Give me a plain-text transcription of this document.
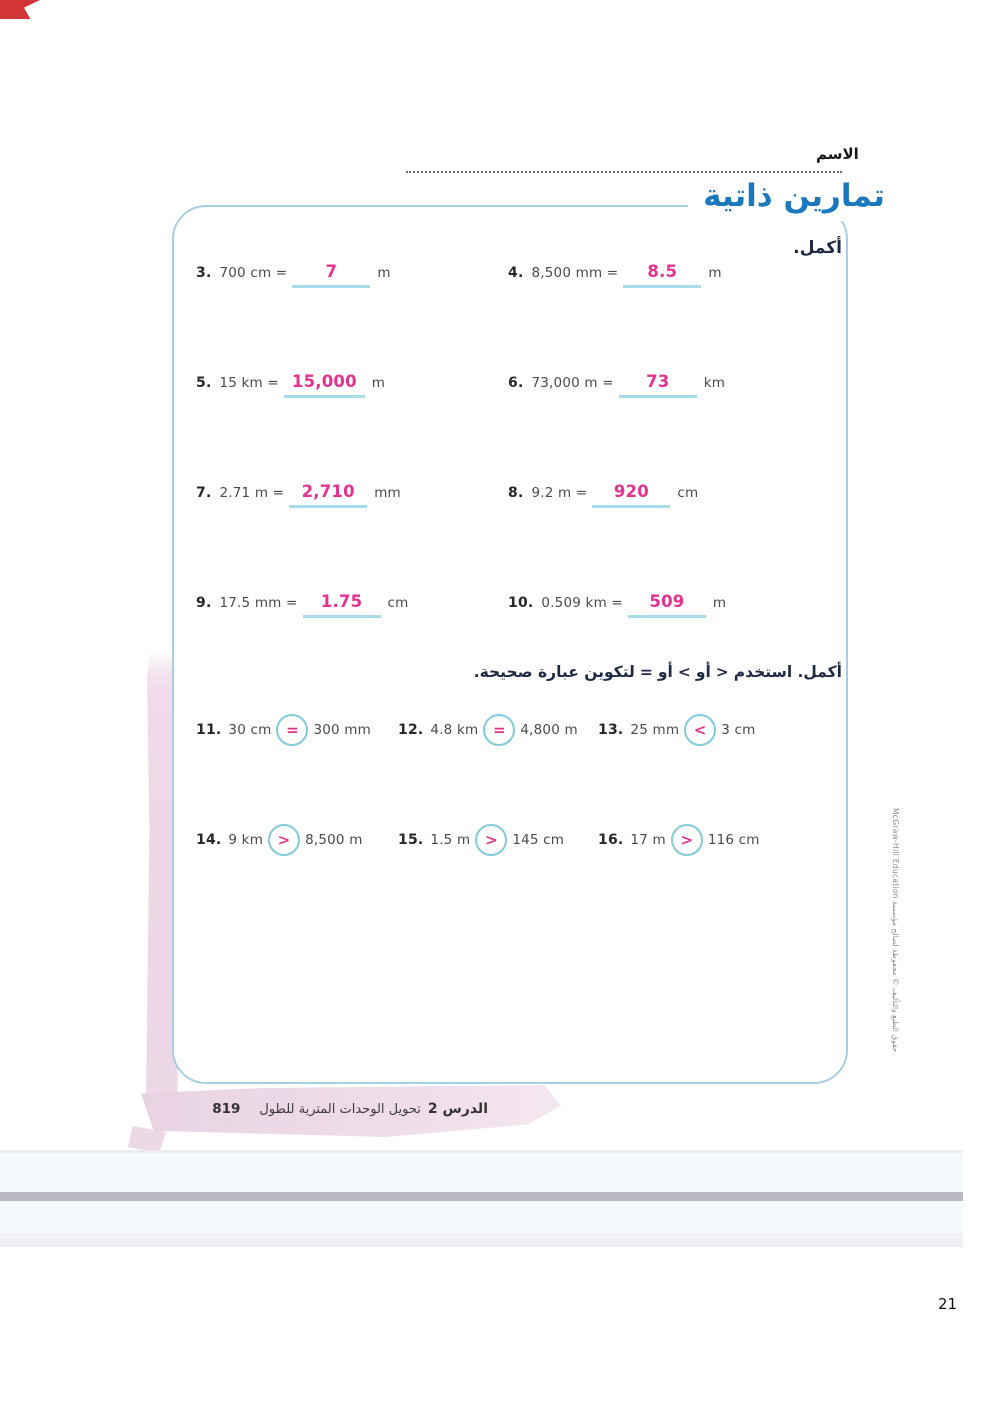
الاسم
تمارين ذاتية
أكمل.
3. 700 cm =	7	m	4. 8,500 mm =	8.5	m
5. 15 km = 15,000	m	6. 73,000 m =	73	km
7. 2.71 m =	2,710	mm	8. 9.2 m =	920	cm
9. 17.5 mm =	1.75	cm	10. 0.509 km =	509	m
أكمل. استخدم
>
أو
<
أو
=
لتكوين عبارة صحيحة.
11. 30 cm =	300 mm 12. 4.8 km =	4,800 m 13. 25 mm <	3 cm
14. 9 km >	8,500 m	15. 1.5 m >	145 cm 16. 17 m >	116 cm
الدرس 2
تحويل الوحدات المترية للطول
819
حقوق الطبع والتأليف © محفوظة لصالح مؤسسة McGraw-Hill Education
21
